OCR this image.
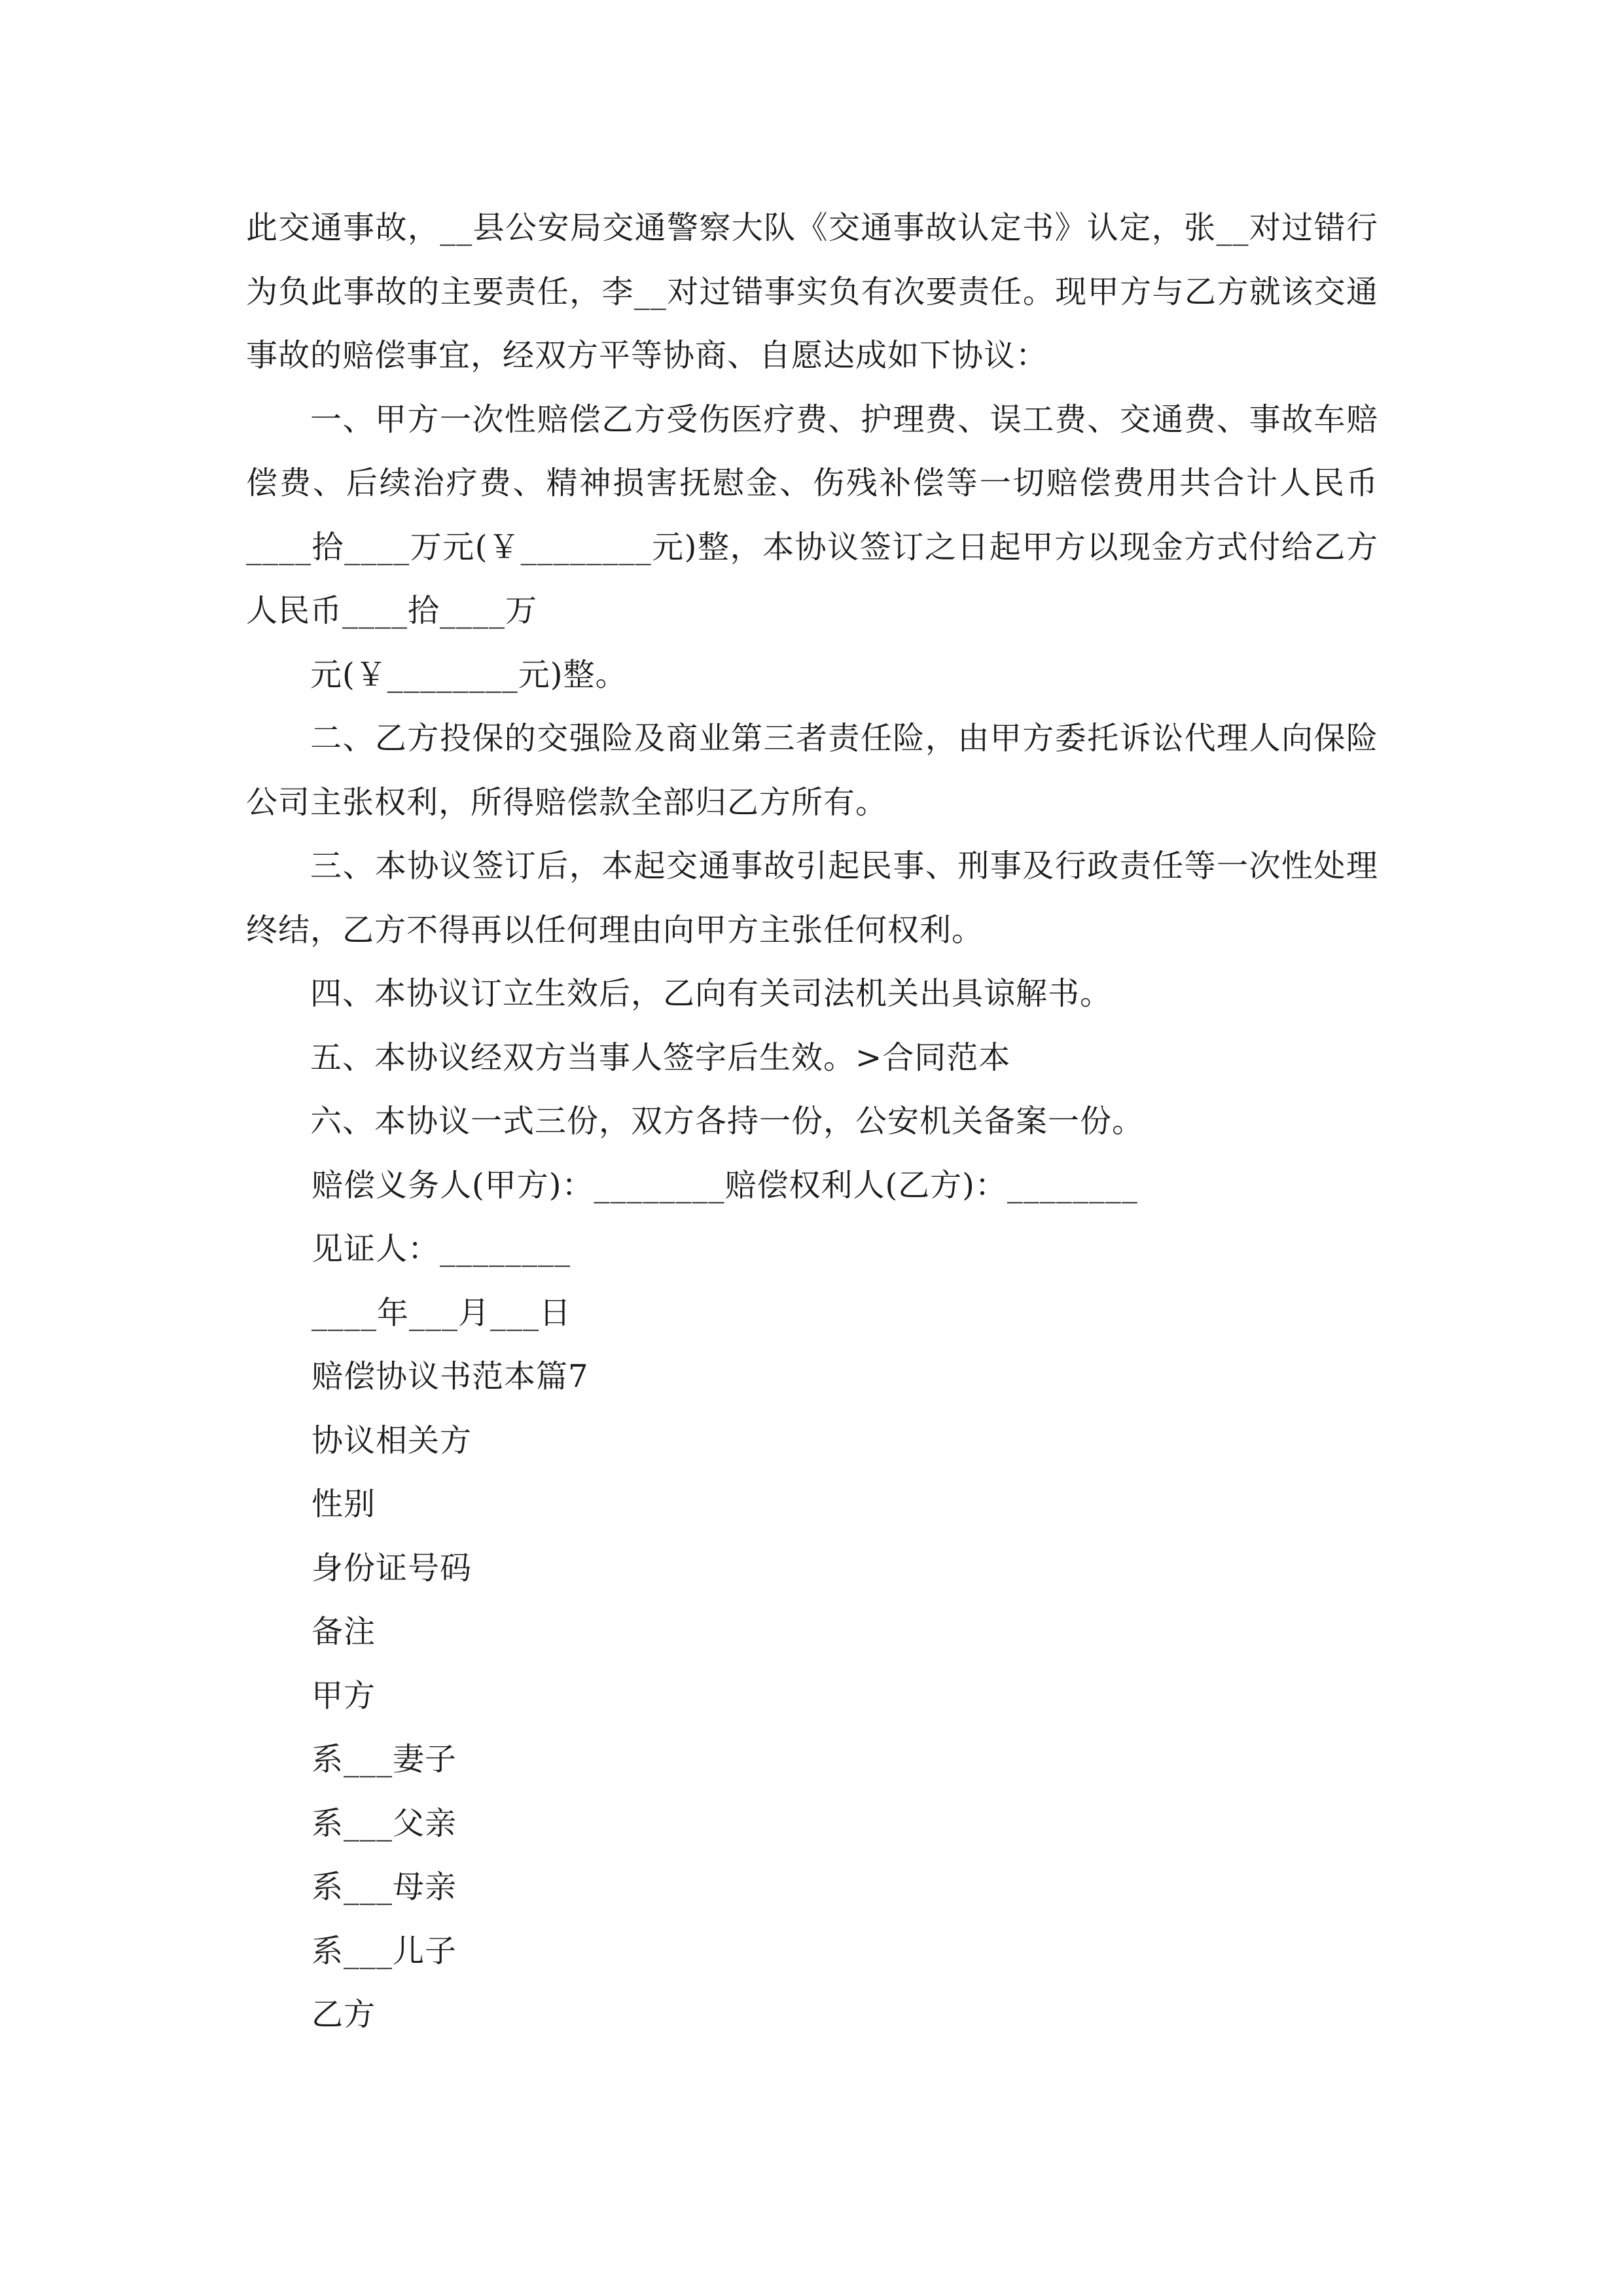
此交通事故，__县公安局交通警察大队《交通事故认定书》认定，张__对过错行为负此事故的主要责任，李__对过错事实负有次要责任。现甲方与乙方就该交通事故的赔偿事宜，经双方平等协商、自愿达成如下协议：

一、甲方一次性赔偿乙方受伤医疗费、护理费、误工费、交通费、事故车赔偿费、后续治疗费、精神损害抚慰金、伤残补偿等一切赔偿费用共合计人民币____拾____万元(￥________元)整，本协议签订之日起甲方以现金方式付给乙方人民币____拾____万

元(￥________元)整。

二、乙方投保的交强险及商业第三者责任险，由甲方委托诉讼代理人向保险公司主张权利，所得赔偿款全部归乙方所有。

三、本协议签订后，本起交通事故引起民事、刑事及行政责任等一次性处理终结，乙方不得再以任何理由向甲方主张任何权利。

四、本协议订立生效后，乙向有关司法机关出具谅解书。

五、本协议经双方当事人签字后生效。>合同范本

六、本协议一式三份，双方各持一份，公安机关备案一份。

赔偿义务人(甲方)：________赔偿权利人(乙方)：________

见证人：________

____年___月___日

赔偿协议书范本篇7

协议相关方

性别

身份证号码

备注

甲方

系___妻子

系___父亲

系___母亲

系___儿子

乙方
